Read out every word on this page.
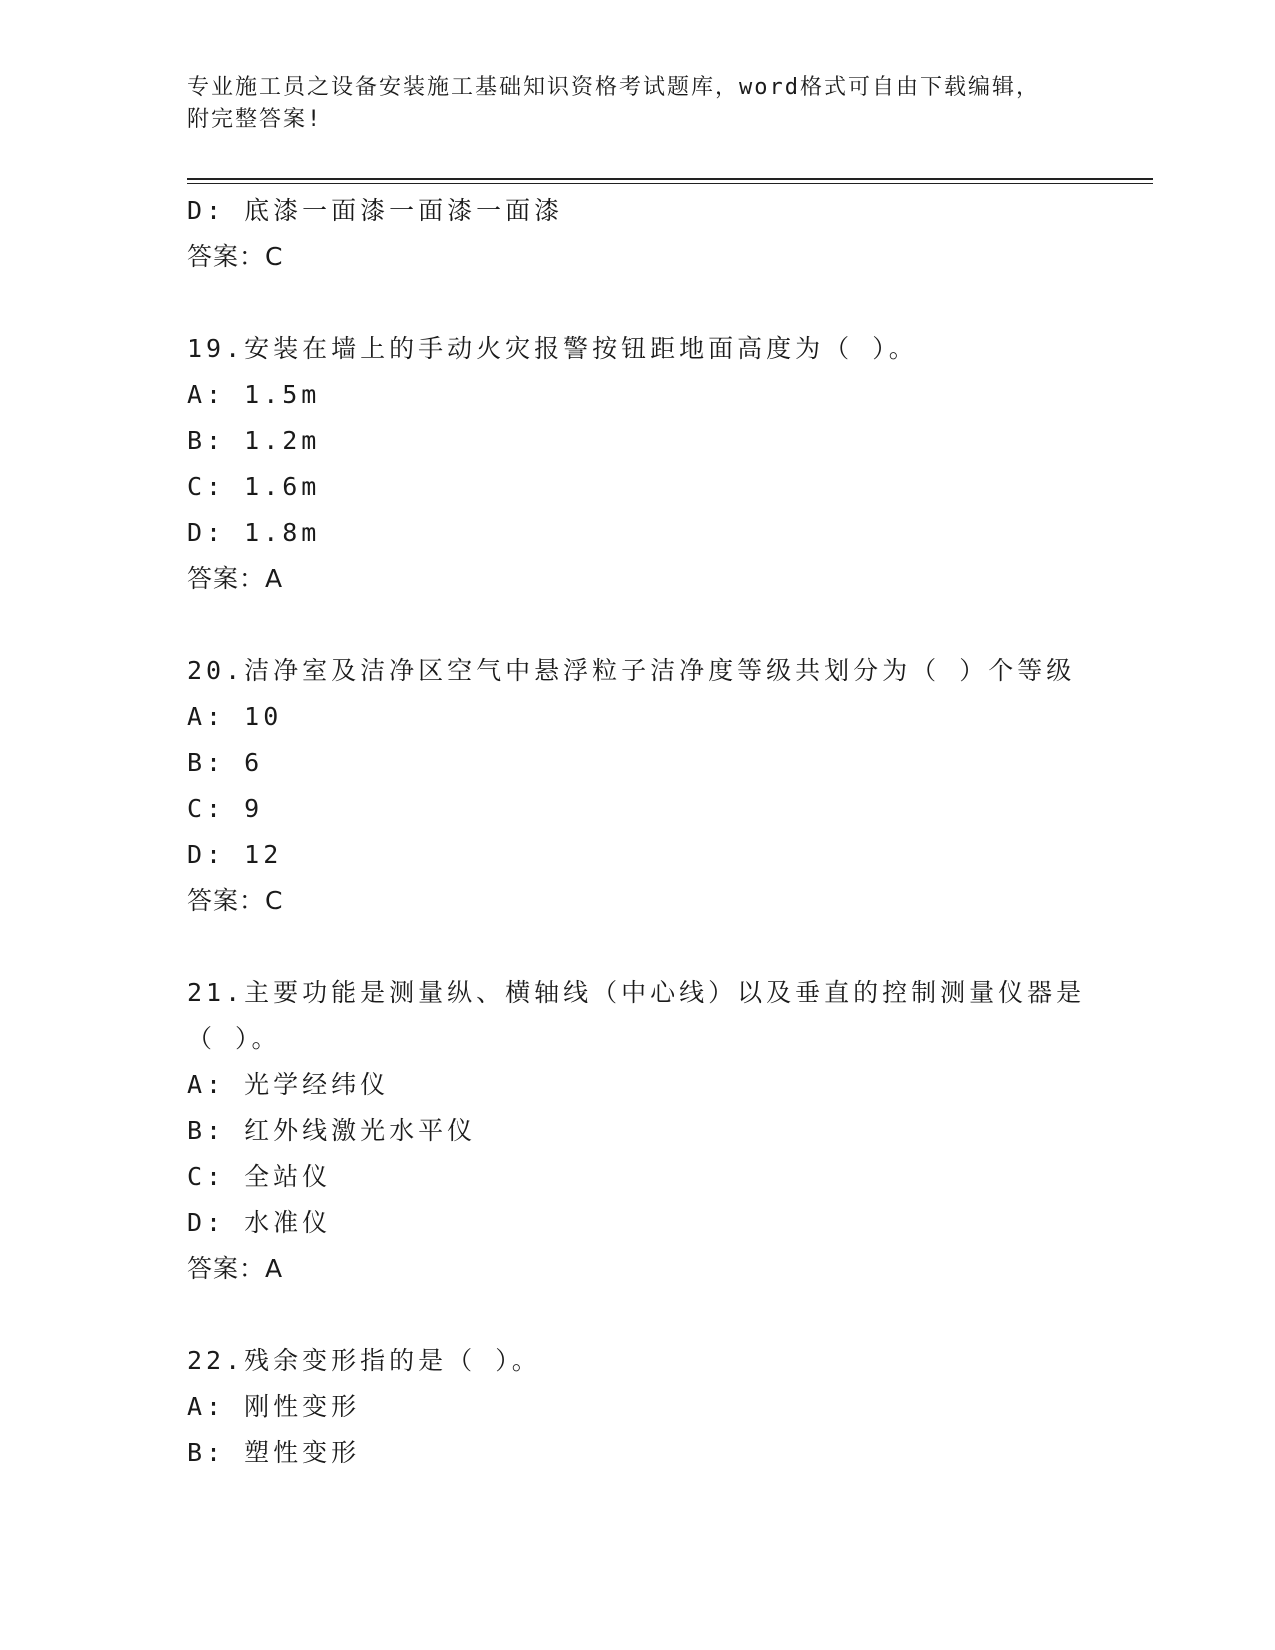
专业施工员之设备安装施工基础知识资格考试题库，word格式可自由下载编辑，
附完整答案!
D: 底漆一面漆一面漆一面漆
答案：C
19.安装在墙上的手动火灾报警按钮距地面高度为（ ）。
A: 1.5m
B: 1.2m
C: 1.6m
D: 1.8m
答案：A
20.洁净室及洁净区空气中悬浮粒子洁净度等级共划分为（ ）个等级
A: 10
B: 6
C: 9
D: 12
答案：C
21.主要功能是测量纵、横轴线（中心线）以及垂直的控制测量仪器是
（ ）。
A: 光学经纬仪
B: 红外线激光水平仪
C: 全站仪
D: 水准仪
答案：A
22.残余变形指的是（ ）。
A: 刚性变形
B: 塑性变形
